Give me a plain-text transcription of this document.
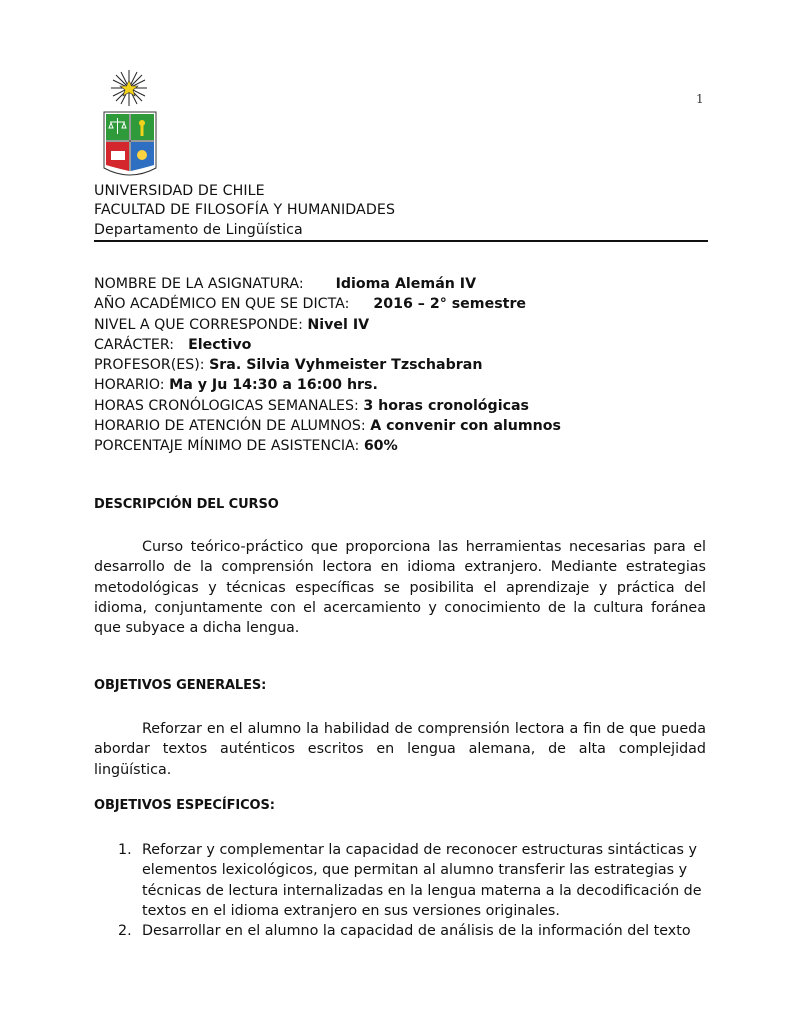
1
UNIVERSIDAD DE CHILE
FACULTAD DE FILOSOFÍA Y HUMANIDADES
Departamento de Lingüística
NOMBRE DE LA ASIGNATURA: Idioma Alemán IV
AÑO ACADÉMICO EN QUE SE DICTA: 2016 – 2° semestre
NIVEL A QUE CORRESPONDE: Nivel IV
CARÁCTER: Electivo
PROFESOR(ES): Sra. Silvia Vyhmeister Tzschabran
HORARIO: Ma y Ju 14:30 a 16:00 hrs.
HORAS CRONÓLOGICAS SEMANALES: 3 horas cronológicas
HORARIO DE ATENCIÓN DE ALUMNOS: A convenir con alumnos
PORCENTAJE MÍNIMO DE ASISTENCIA: 60%
DESCRIPCIÓN DEL CURSO
Curso teórico-práctico que proporciona las herramientas necesarias para el desarrollo de la comprensión lectora en idioma extranjero. Mediante estrategias metodológicas y técnicas específicas se posibilita el aprendizaje y práctica del idioma, conjuntamente con el acercamiento y conocimiento de la cultura foránea que subyace a dicha lengua.
OBJETIVOS GENERALES:
Reforzar en el alumno la habilidad de comprensión lectora a fin de que pueda abordar textos auténticos escritos en lengua alemana, de alta complejidad lingüística.
OBJETIVOS ESPECÍFICOS:
1. Reforzar y complementar la capacidad de reconocer estructuras sintácticas y elementos lexicológicos, que permitan al alumno transferir las estrategias y técnicas de lectura internalizadas en la lengua materna a la decodificación de textos en el idioma extranjero en sus versiones originales.
2. Desarrollar en el alumno la capacidad de análisis de la información del texto
